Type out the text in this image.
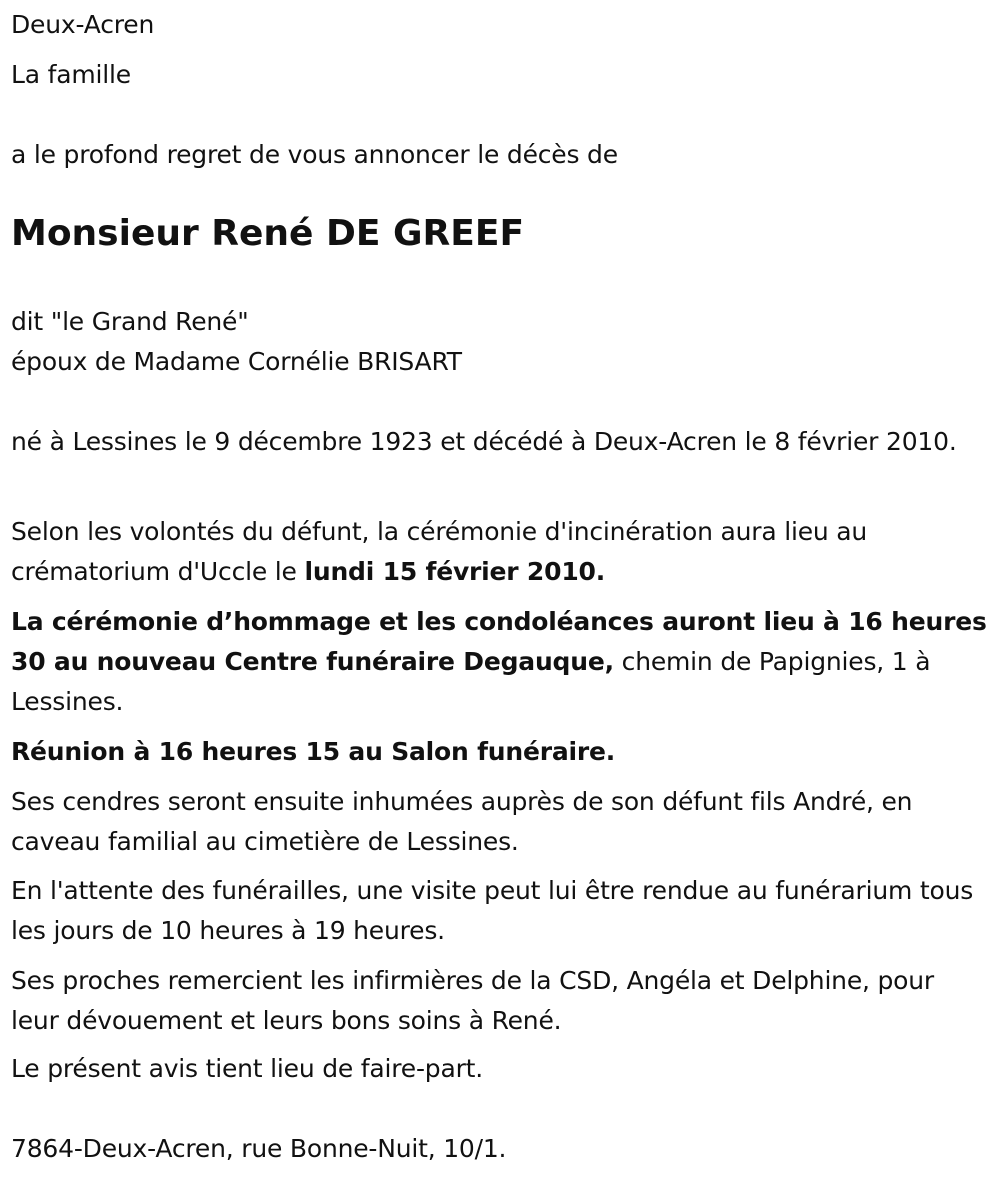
Deux-Acren

La famille

a le profond regret de vous annoncer le décès de

Monsieur René DE GREEF

dit "le Grand René"

époux de Madame Cornélie BRISART

né à Lessines le 9 décembre 1923 et décédé à Deux-Acren le 8 février 2010.

Selon les volontés du défunt, la cérémonie d'incinération aura lieu au crématorium d'Uccle le lundi 15 février 2010.

La cérémonie d’hommage et les condoléances auront lieu à 16 heures 30 au nouveau Centre funéraire Degauque, chemin de Papignies, 1 à Lessines.

Réunion à 16 heures 15 au Salon funéraire.

Ses cendres seront ensuite inhumées auprès de son défunt fils André, en caveau familial au cimetière de Lessines.

En l'attente des funérailles, une visite peut lui être rendue au funérarium tous les jours de 10 heures à 19 heures.

Ses proches remercient les infirmières de la CSD, Angéla et Delphine, pour leur dévouement et leurs bons soins à René.

Le présent avis tient lieu de faire-part.

7864-Deux-Acren, rue Bonne-Nuit, 10/1.
